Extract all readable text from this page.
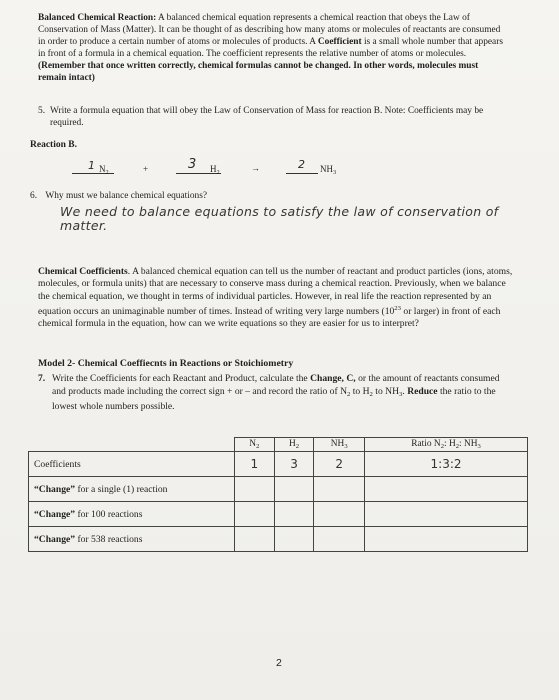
Balanced Chemical Reaction: A balanced chemical equation represents a chemical reaction that obeys the Law of Conservation of Mass (Matter). It can be thought of as describing how many atoms or molecules of reactants are consumed in order to produce a certain number of atoms or molecules of products. A Coefficient is a small whole number that appears in front of a formula in a chemical equation. The coefficient represents the relative number of atoms or molecules. (Remember that once written correctly, chemical formulas cannot be changed. In other words, molecules must remain intact)
5. Write a formula equation that will obey the Law of Conservation of Mass for reaction B. Note: Coefficients may be required.
Reaction B.
1 $N_2$	+	3 $H_2$	→	2 $NH_3$
6. Why must we balance chemical equations?
We need to balance equations to satisfy the law of conservation of matter.
Chemical Coefficients. A balanced chemical equation can tell us the number of reactant and product particles (ions, atoms, molecules, or formula units) that are necessary to conserve mass during a chemical reaction. Previously, when we balance the chemical equation, we thought in terms of individual particles. However, in real life the reaction represented by an equation occurs an unimaginable number of times. Instead of writing very large numbers ($10^{23}$ or larger) in front of each chemical formula in the equation, how can we write equations so they are easier for us to interpret?
Model 2- Chemical Coeffiecnts in Reactions or Stoichiometry
7. Write the Coefficients for each Reactant and Product, calculate the Change, C, or the amount of reactants consumed and products made including the correct sign + or – and record the ratio of $N_2$ to $H_2$ to $NH_3$. Reduce the ratio to the lowest whole numbers possible.
	$N_2$	$H_2$	$NH_3$	Ratio $N_2$: $H_2$: $NH_3$
Coefficients	1	3	2	1:3:2
“Change” for a single (1) reaction				
“Change” for 100 reactions				
“Change” for 538 reactions				
2
